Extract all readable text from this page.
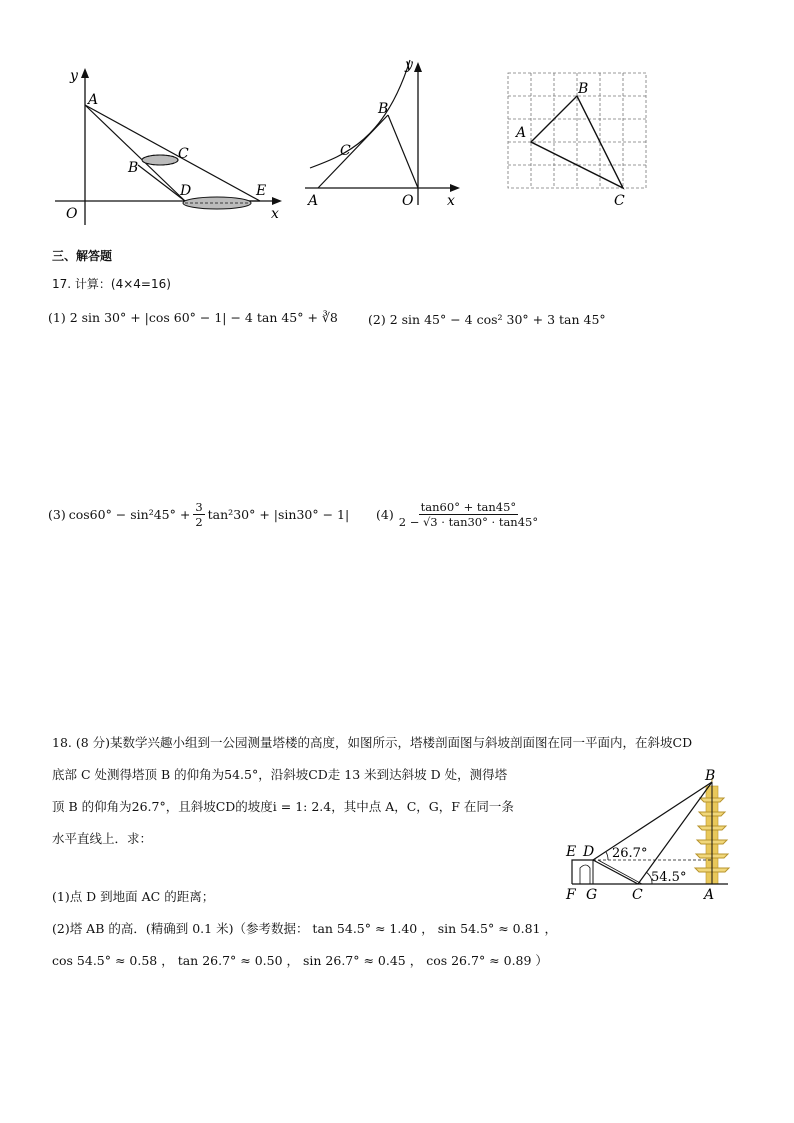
y
A
B
C
D	E
O	x
y
B
C
A	O x
B
A
C
三、解答题
17. 计算：(4×4=16)
(1) 2 sin 30° + |cos 60° − 1| − 4 tan 45° + ∛8 (2) 2 sin 45° − 4 cos² 30° + 3 tan 45°
(3) $\cos 60^\circ - \sin^245^\circ + \frac{3}{2} \tan^230^\circ + |\sin 30^\circ - 1|$ $(4) \frac{\tan 60^\circ + \tan 45^\circ}{2 - √3 \cdot \tan 30^\circ \cdot \tan 45^\circ}$
18. (8 分)某数学兴趣小组到一公园测量塔楼的高度，如图所示，塔楼剖面图与斜坡剖面图在同一平面内，在斜坡CD
底部 C 处测得塔顶 B 的仰角为54.5°，沿斜坡CD走 13 米到达斜坡 D 处，测得塔
顶 B 的仰角为26.7°，且斜坡CD的坡度i = 1: 2.4，其中点 A，C，G，F 在同一条
水平直线上．求：
(1)点 D 到地面 AC 的距离；
(2)塔 AB 的高．(精确到 0.1 米)（参考数据： tan 54.5° ≈ 1.40 ， sin 54.5° ≈ 0.81 ，
cos 54.5° ≈ 0.58 ， tan 26.7° ≈ 0.50 ， sin 26.7° ≈ 0.45 ， cos 26.7° ≈ 0.89 ）
B
E D 26.7°
54.5°
F G C	A
